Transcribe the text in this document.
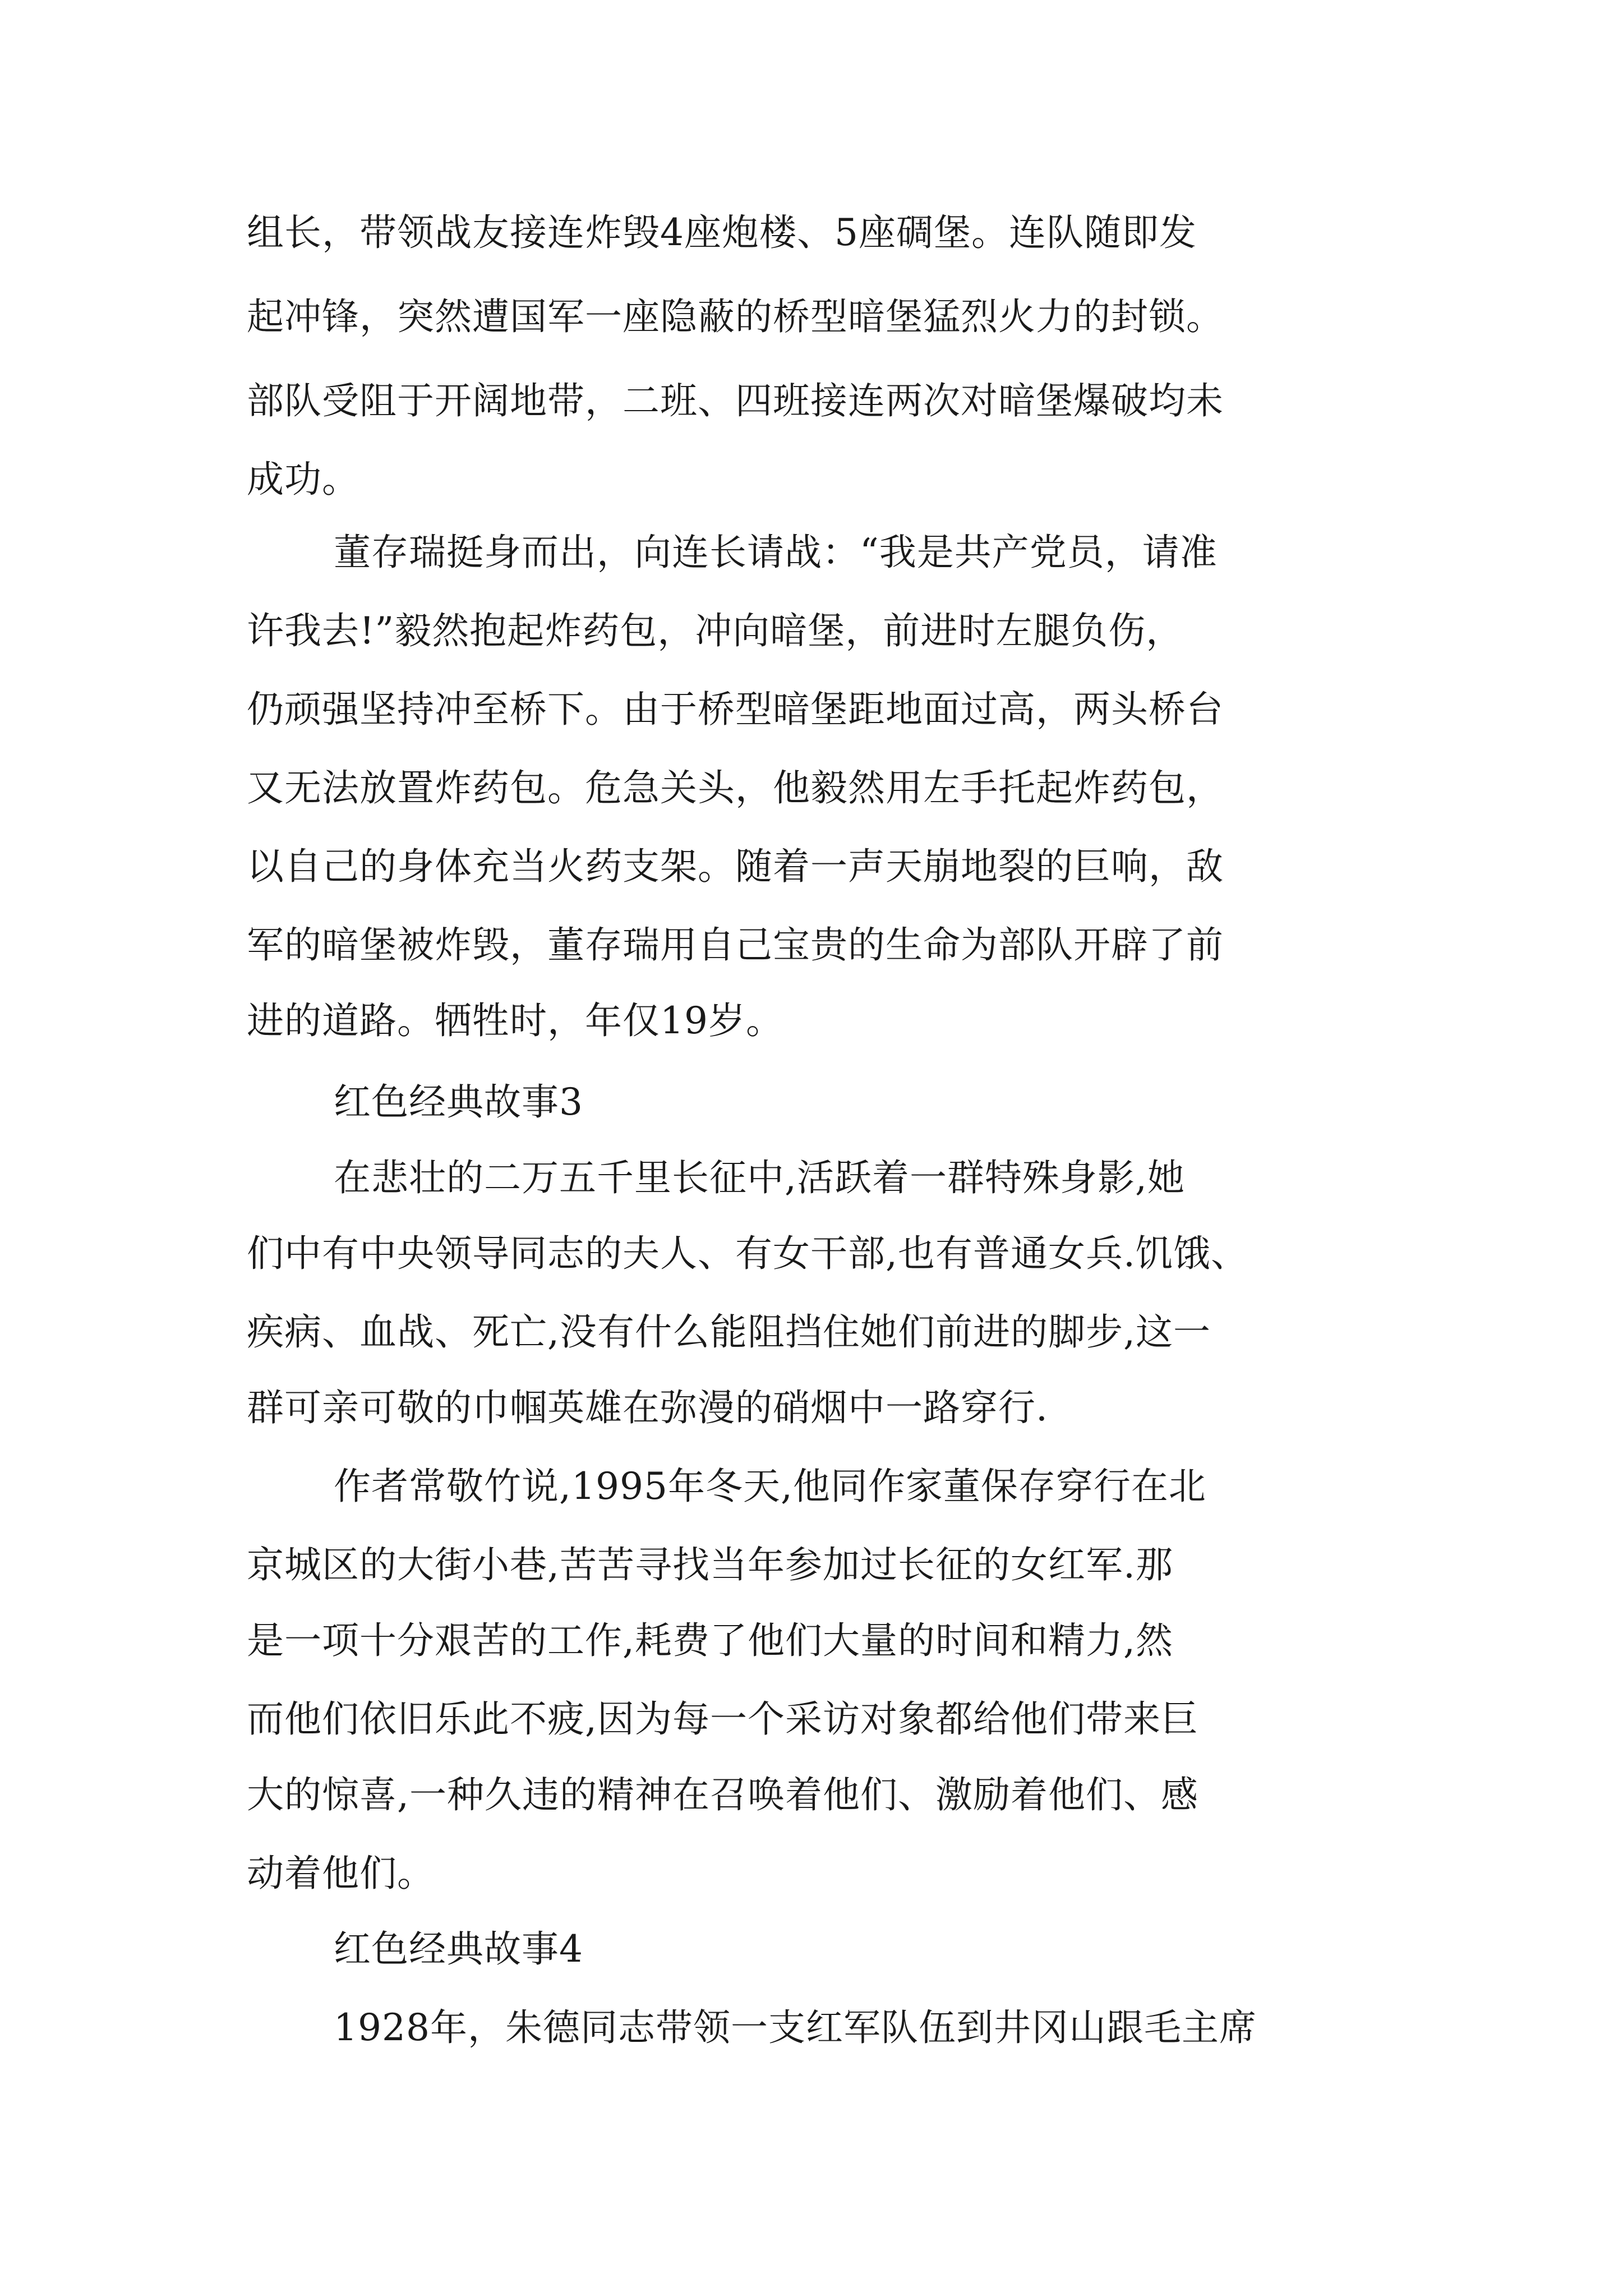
组长，带领战友接连炸毁4座炮楼、5座碉堡。连队随即发
起冲锋，突然遭国军一座隐蔽的桥型暗堡猛烈火力的封锁。
部队受阻于开阔地带，二班、四班接连两次对暗堡爆破均未
成功。
董存瑞挺身而出，向连长请战：“我是共产党员，请准
许我去!”毅然抱起炸药包，冲向暗堡，前进时左腿负伤，
仍顽强坚持冲至桥下。由于桥型暗堡距地面过高，两头桥台
又无法放置炸药包。危急关头，他毅然用左手托起炸药包，
以自己的身体充当火药支架。随着一声天崩地裂的巨响，敌
军的暗堡被炸毁，董存瑞用自己宝贵的生命为部队开辟了前
进的道路。牺牲时，年仅19岁。
红色经典故事3
在悲壮的二万五千里长征中,活跃着一群特殊身影,她
们中有中央领导同志的夫人、有女干部,也有普通女兵.饥饿、
疾病、血战、死亡,没有什么能阻挡住她们前进的脚步,这一
群可亲可敬的巾帼英雄在弥漫的硝烟中一路穿行.
作者常敬竹说,1995年冬天,他同作家董保存穿行在北
京城区的大街小巷,苦苦寻找当年参加过长征的女红军.那
是一项十分艰苦的工作,耗费了他们大量的时间和精力,然
而他们依旧乐此不疲,因为每一个采访对象都给他们带来巨
大的惊喜,一种久违的精神在召唤着他们、激励着他们、感
动着他们。
红色经典故事4
1928年，朱德同志带领一支红军队伍到井冈山跟毛主席
